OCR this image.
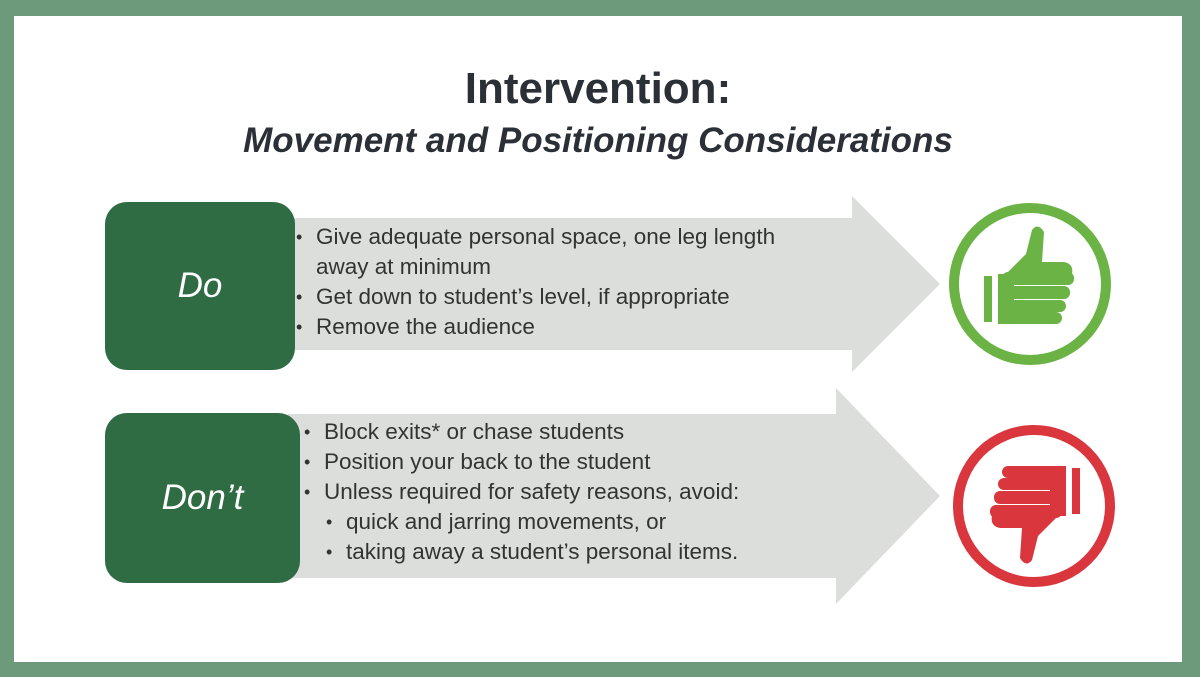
Intervention:
Movement and Positioning Considerations
Do
• Give adequate personal space, one leg length away at minimum
• Get down to student’s level, if appropriate
• Remove the audience
Don’t
• Block exits* or chase students
• Position your back to the student
• Unless required for safety reasons, avoid:
• quick and jarring movements, or
• taking away a student’s personal items.
